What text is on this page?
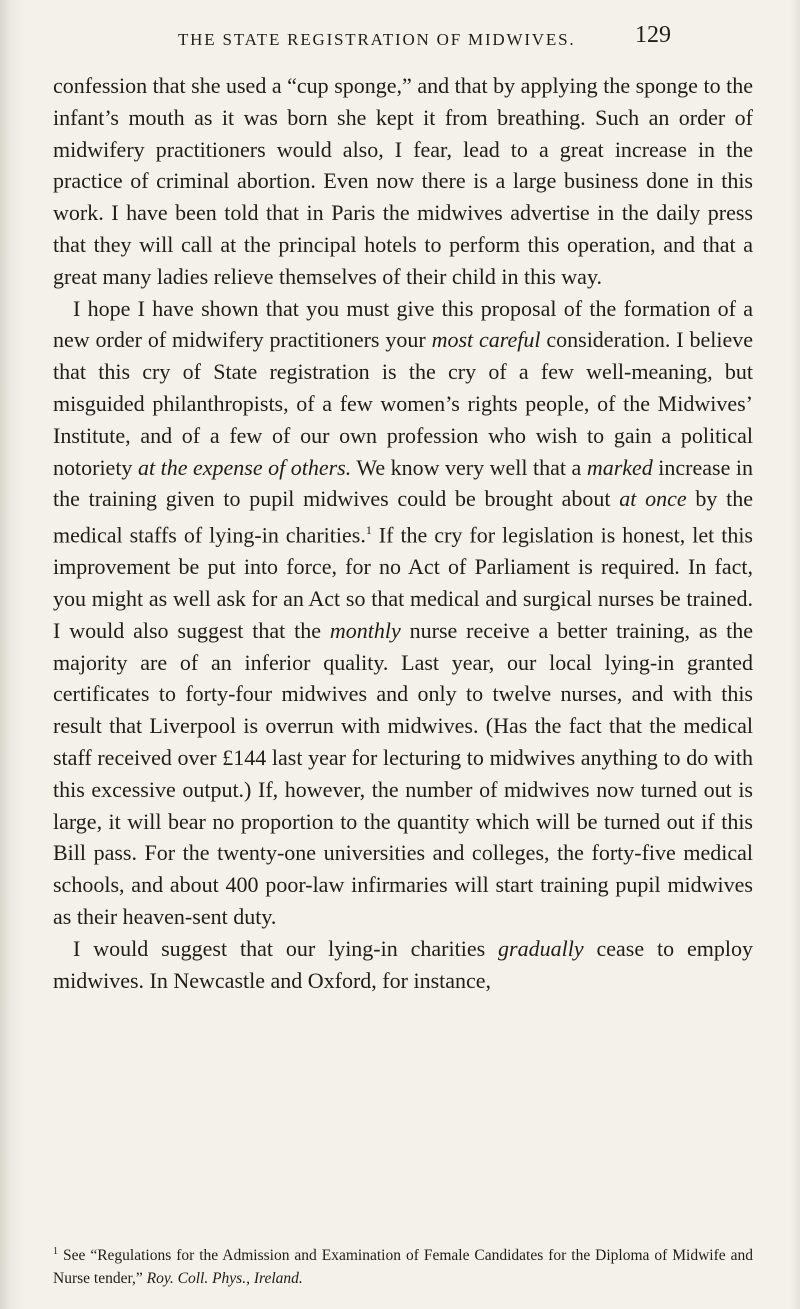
THE STATE REGISTRATION OF MIDWIVES. 129

confession that she used a “cup sponge,” and that by applying the sponge to the infant’s mouth as it was born she kept it from breathing. Such an order of midwifery practitioners would also, I fear, lead to a great increase in the practice of criminal abortion. Even now there is a large business done in this work. I have been told that in Paris the midwives advertise in the daily press that they will call at the principal hotels to perform this operation, and that a great many ladies relieve themselves of their child in this way.

I hope I have shown that you must give this proposal of the formation of a new order of midwifery practitioners your most careful consideration. I believe that this cry of State registration is the cry of a few well-meaning, but misguided philanthropists, of a few women’s rights people, of the Midwives’ Institute, and of a few of our own profession who wish to gain a political notoriety at the expense of others. We know very well that a marked increase in the training given to pupil midwives could be brought about at once by the medical staffs of lying-in charities.$^1$ If the cry for legislation is honest, let this improvement be put into force, for no Act of Parliament is required. In fact, you might as well ask for an Act so that medical and surgical nurses be trained. I would also suggest that the monthly nurse receive a better training, as the majority are of an inferior quality. Last year, our local lying-in granted certificates to forty-four midwives and only to twelve nurses, and with this result that Liverpool is overrun with midwives. (Has the fact that the medical staff received over £144 last year for lecturing to midwives anything to do with this excessive output.) If, however, the number of midwives now turned out is large, it will bear no proportion to the quantity which will be turned out if this Bill pass. For the twenty-one universities and colleges, the forty-five medical schools, and about 400 poor-law infirmaries will start training pupil midwives as their heaven-sent duty.

I would suggest that our lying-in charities gradually cease to employ midwives. In Newcastle and Oxford, for instance,

$^1$ See “Regulations for the Admission and Examination of Female Candidates for the Diploma of Midwife and Nurse tender,” Roy. Coll. Phys., Ireland.
